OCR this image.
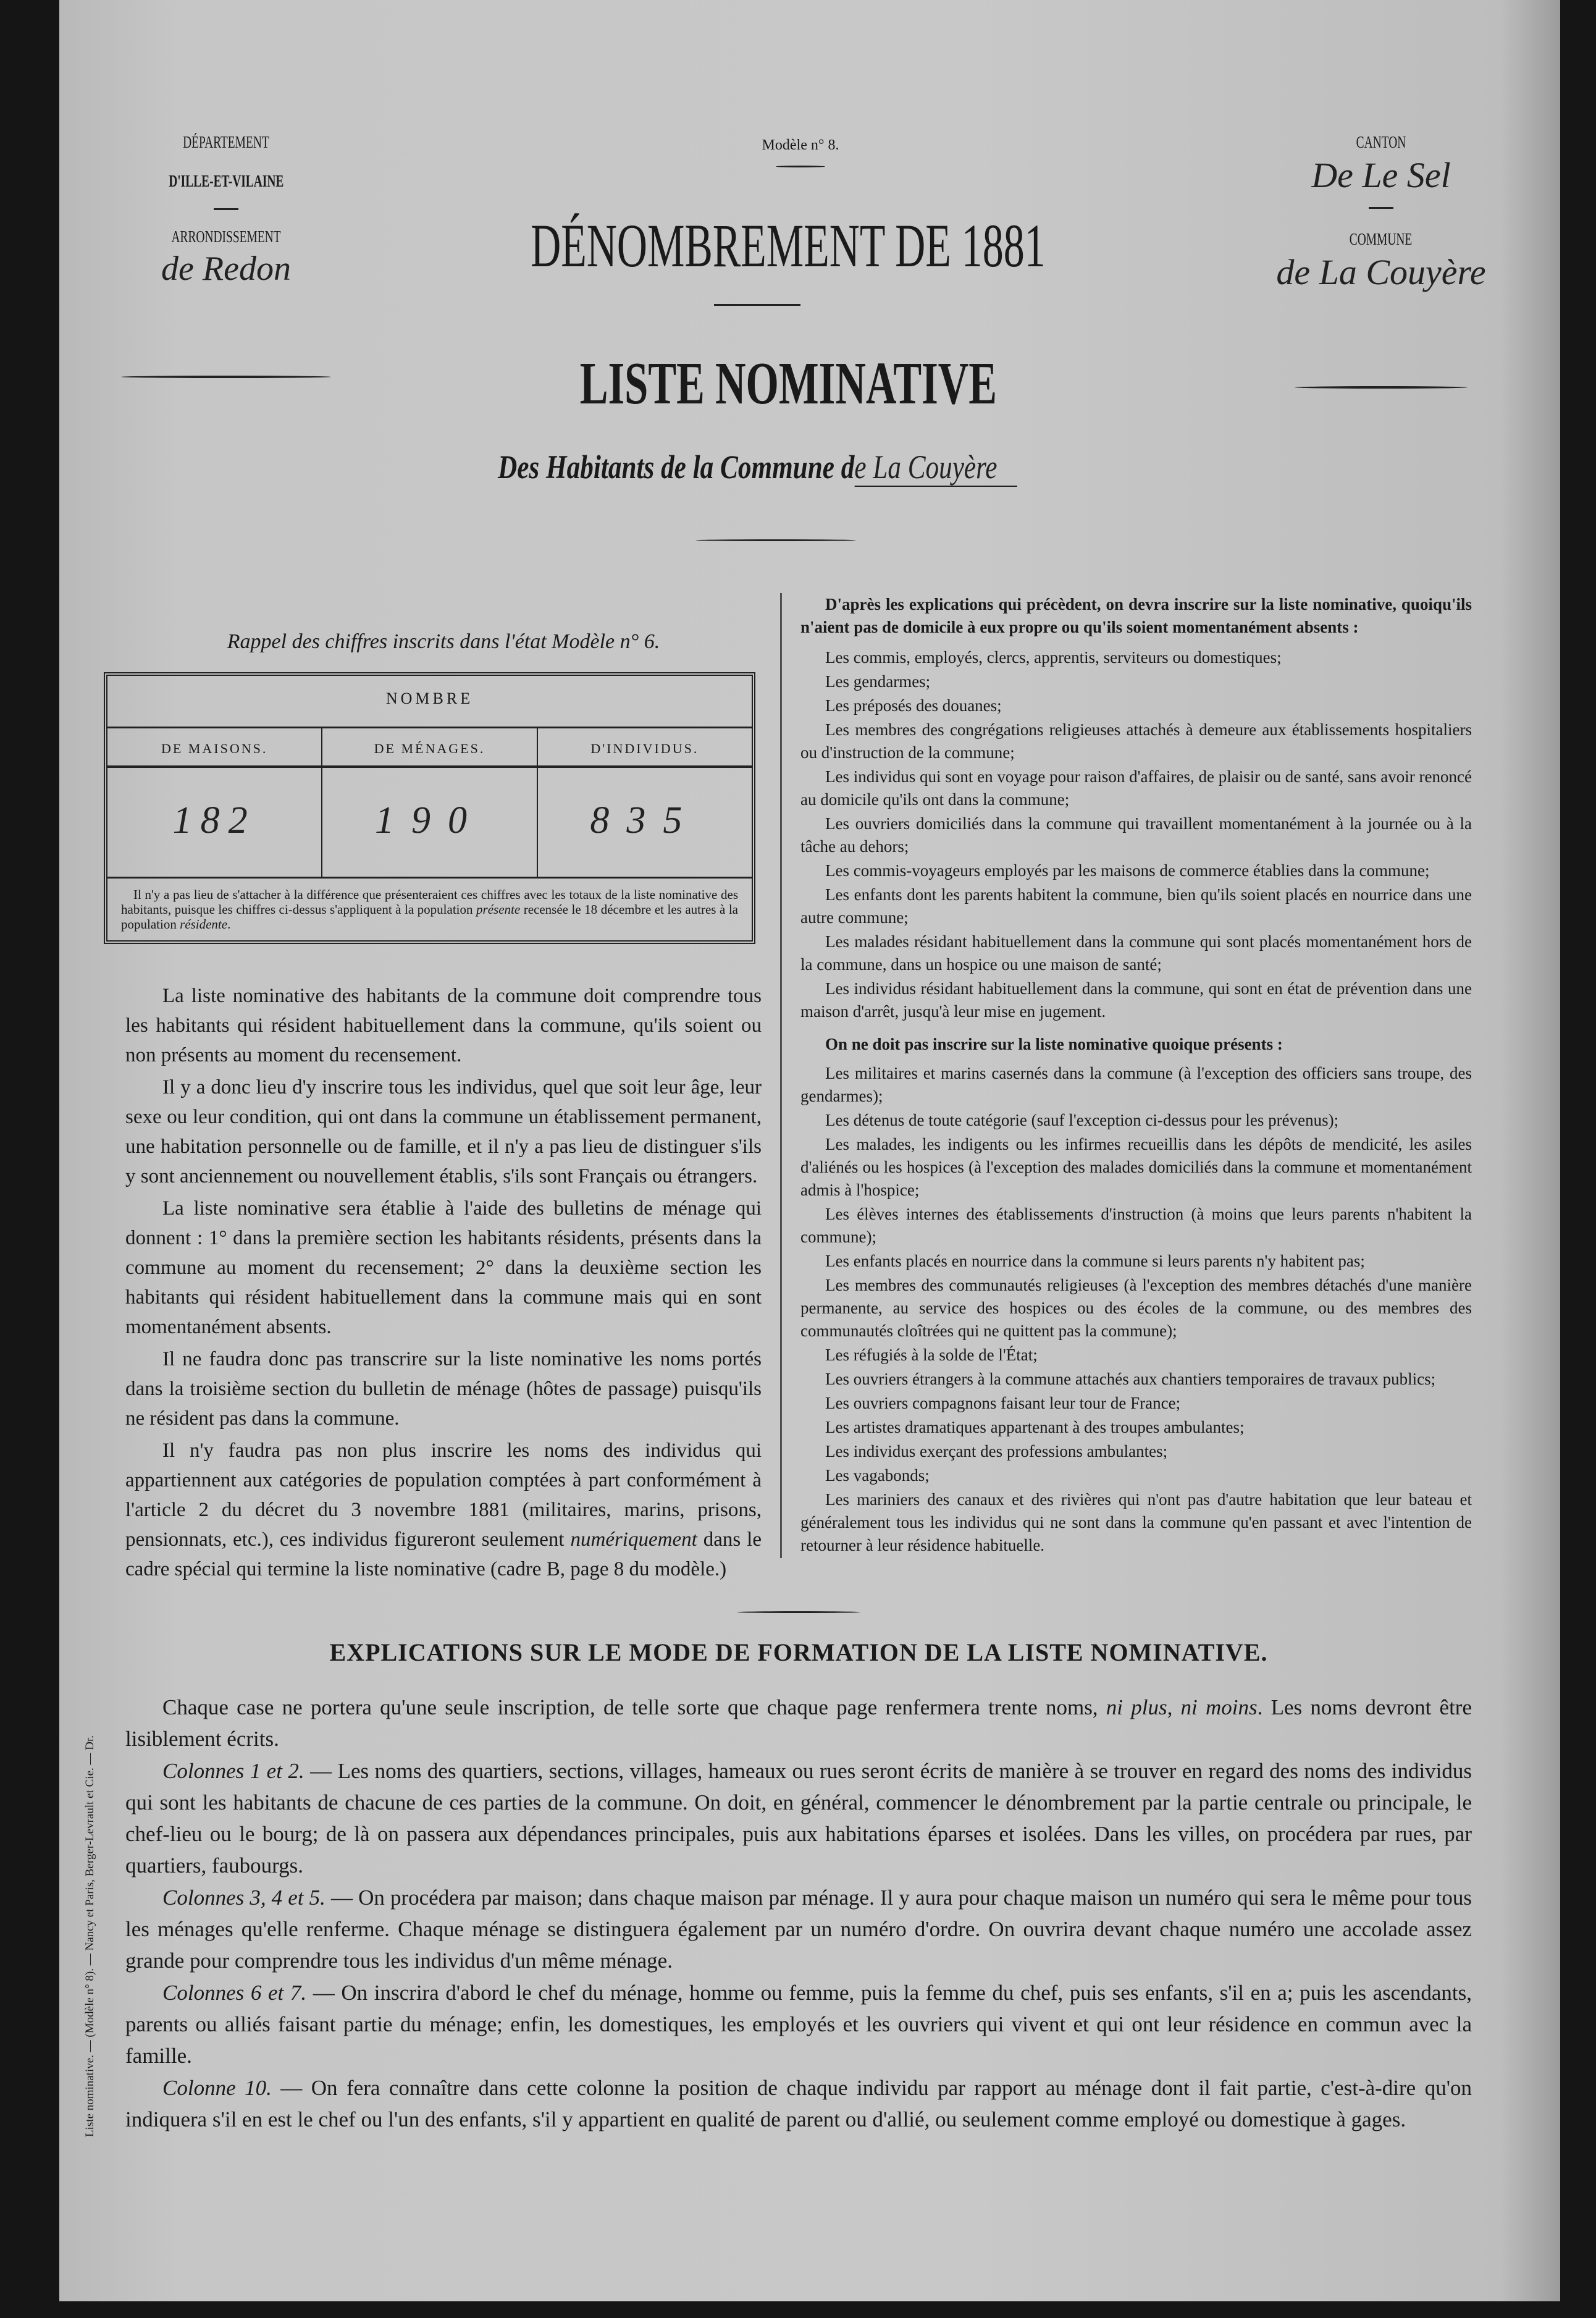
DÉPARTEMENT
D'ILLE-ET-VILAINE
ARRONDISSEMENT
de Redon
Modèle n° 8.	CANTON
De Le Sel
COMMUNE
de La Couyère
DÉNOMBREMENT DE 1881
LISTE NOMINATIVE
Des Habitants de la Commune de La Couyère
Rappel des chiffres inscrits dans l'état Modèle n° 6.
NOMBRE
DE MAISONS.
182
DE MÉNAGES.
190
D'INDIVIDUS.
835
Il n'y a pas lieu de s'attacher à la différence que présenteraient ces chiffres avec les totaux de la liste nominative des habitants, puisque les chiffres ci-dessus s'appliquent à la population présente recensée le 18 décembre et les autres à la population résidente.

La liste nominative des habitants de la commune doit comprendre tous les habitants qui résident habituellement dans la commune, qu'ils soient ou non présents au moment du recensement.

Il y a donc lieu d'y inscrire tous les individus, quel que soit leur âge, leur sexe ou leur condition, qui ont dans la commune un établissement permanent, une habitation personnelle ou de famille, et il n'y a pas lieu de distinguer s'ils y sont anciennement ou nouvellement établis, s'ils sont Français ou étrangers.

La liste nominative sera établie à l'aide des bulletins de ménage qui donnent : 1° dans la première section les habitants résidents, présents dans la commune au moment du recensement; 2° dans la deuxième section les habitants qui résident habituellement dans la commune mais qui en sont momentanément absents.

Il ne faudra donc pas transcrire sur la liste nominative les noms portés dans la troisième section du bulletin de ménage (hôtes de passage) puisqu'ils ne résident pas dans la commune.

Il n'y faudra pas non plus inscrire les noms des individus qui appartiennent aux catégories de population comptées à part conformément à l'article 2 du décret du 3 novembre 1881 (militaires, marins, prisons, pensionnats, etc.), ces individus figureront seulement numériquement dans le cadre spécial qui termine la liste nominative (cadre B, page 8 du modèle.)

D'après les explications qui précèdent, on devra inscrire sur la liste nominative, quoiqu'ils n'aient pas de domicile à eux propre ou qu'ils soient momentanément absents :

Les commis, employés, clercs, apprentis, serviteurs ou domestiques;

Les gendarmes;

Les préposés des douanes;

Les membres des congrégations religieuses attachés à demeure aux établissements hospitaliers ou d'instruction de la commune;

Les individus qui sont en voyage pour raison d'affaires, de plaisir ou de santé, sans avoir renoncé au domicile qu'ils ont dans la commune;

Les ouvriers domiciliés dans la commune qui travaillent momentanément à la journée ou à la tâche au dehors;

Les commis-voyageurs employés par les maisons de commerce établies dans la commune;

Les enfants dont les parents habitent la commune, bien qu'ils soient placés en nourrice dans une autre commune;

Les malades résidant habituellement dans la commune qui sont placés momentanément hors de la commune, dans un hospice ou une maison de santé;

Les individus résidant habituellement dans la commune, qui sont en état de prévention dans une maison d'arrêt, jusqu'à leur mise en jugement.

On ne doit pas inscrire sur la liste nominative quoique présents :

Les militaires et marins casernés dans la commune (à l'exception des officiers sans troupe, des gendarmes);

Les détenus de toute catégorie (sauf l'exception ci-dessus pour les prévenus);

Les malades, les indigents ou les infirmes recueillis dans les dépôts de mendicité, les asiles d'aliénés ou les hospices (à l'exception des malades domiciliés dans la commune et momentanément admis à l'hospice;

Les élèves internes des établissements d'instruction (à moins que leurs parents n'habitent la commune);

Les enfants placés en nourrice dans la commune si leurs parents n'y habitent pas;

Les membres des communautés religieuses (à l'exception des membres détachés d'une manière permanente, au service des hospices ou des écoles de la commune, ou des membres des communautés cloîtrées qui ne quittent pas la commune);

Les réfugiés à la solde de l'État;

Les ouvriers étrangers à la commune attachés aux chantiers temporaires de travaux publics;

Les ouvriers compagnons faisant leur tour de France;

Les artistes dramatiques appartenant à des troupes ambulantes;

Les individus exerçant des professions ambulantes;

Les vagabonds;

Les mariniers des canaux et des rivières qui n'ont pas d'autre habitation que leur bateau et généralement tous les individus qui ne sont dans la commune qu'en passant et avec l'intention de retourner à leur résidence habituelle.

EXPLICATIONS SUR LE MODE DE FORMATION DE LA LISTE NOMINATIVE.

Chaque case ne portera qu'une seule inscription, de telle sorte que chaque page renfermera trente noms, ni plus, ni moins. Les noms devront être lisiblement écrits.

Colonnes 1 et 2. — Les noms des quartiers, sections, villages, hameaux ou rues seront écrits de manière à se trouver en regard des noms des individus qui sont les habitants de chacune de ces parties de la commune. On doit, en général, commencer le dénombrement par la partie centrale ou principale, le chef-lieu ou le bourg; de là on passera aux dépendances principales, puis aux habitations éparses et isolées. Dans les villes, on procédera par rues, par quartiers, faubourgs.

Colonnes 3, 4 et 5. — On procédera par maison; dans chaque maison par ménage. Il y aura pour chaque maison un numéro qui sera le même pour tous les ménages qu'elle renferme. Chaque ménage se distinguera également par un numéro d'ordre. On ouvrira devant chaque numéro une accolade assez grande pour comprendre tous les individus d'un même ménage.

Colonnes 6 et 7. — On inscrira d'abord le chef du ménage, homme ou femme, puis la femme du chef, puis ses enfants, s'il en a; puis les ascendants, parents ou alliés faisant partie du ménage; enfin, les domestiques, les employés et les ouvriers qui vivent et qui ont leur résidence en commun avec la famille.

Colonne 10. — On fera connaître dans cette colonne la position de chaque individu par rapport au ménage dont il fait partie, c'est-à-dire qu'on indiquera s'il en est le chef ou l'un des enfants, s'il y appartient en qualité de parent ou d'allié, ou seulement comme employé ou domestique à gages.

Liste nominative. — (Modèle n° 8). — Nancy et Paris, Berger-Levrault et Cie. — Dr.
